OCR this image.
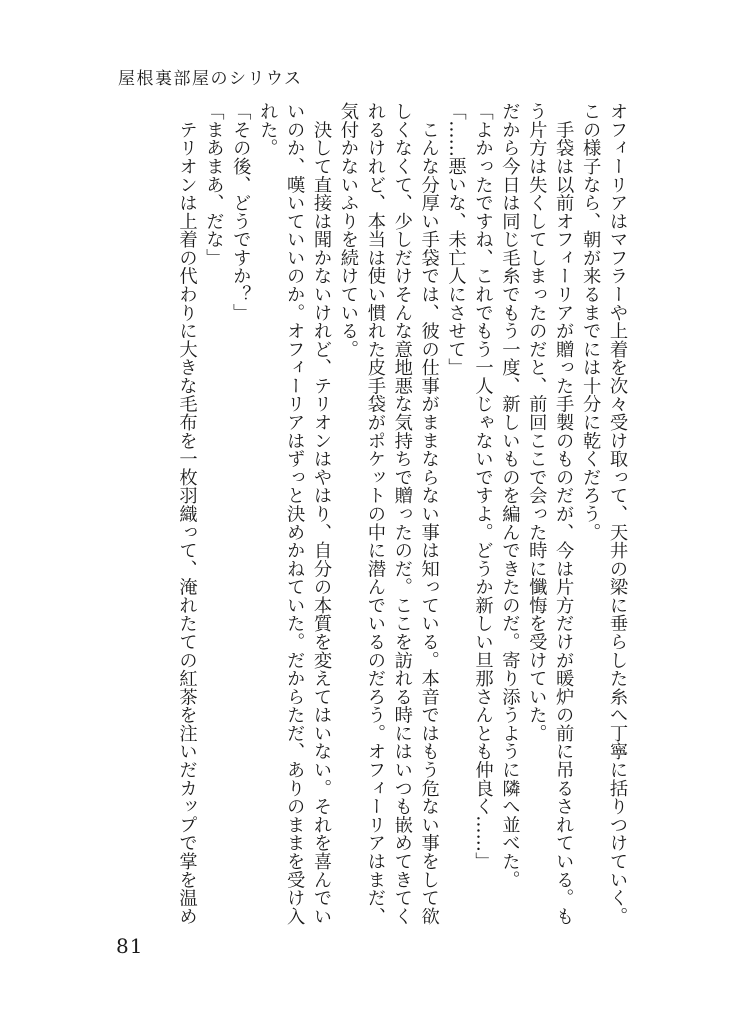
屋根裏部屋のシリウス

オフィーリアはマフラーや上着を次々受け取って、天井の梁に垂らした糸へ丁寧に括りつけていく。

この様子なら、朝が来るまでには十分に乾くだろう。

　手袋は以前オフィーリアが贈った手製のものだが、今は片方だけが暖炉の前に吊るされている。も

う片方は失くしてしまったのだと、前回ここで会った時に懺悔を受けていた。

だから今日は同じ毛糸でもう一度、新しいものを編んできたのだ。寄り添うように隣へ並べた。

「よかったですね、これでもう一人じゃないですよ。どうか新しい旦那さんとも仲良く……」

「……悪いな、未亡人にさせて」

　こんな分厚い手袋では、彼の仕事がままならない事は知っている。本音ではもう危ない事をして欲

しくなくて、少しだけそんな意地悪な気持ちで贈ったのだ。ここを訪れる時にはいつも嵌めてきてく

れるけれど、本当は使い慣れた皮手袋がポケットの中に潜んでいるのだろう。オフィーリアはまだ、

気付かないふりを続けている。

　決して直接は聞かないけれど、テリオンはやはり、自分の本質を変えてはいない。それを喜んでい

いのか、嘆いていいのか。オフィーリアはずっと決めかねていた。だからただ、ありのままを受け入

れた。

「その後、どうですか？」

「まあまあ、だな」

　テリオンは上着の代わりに大きな毛布を一枚羽織って、淹れたての紅茶を注いだカップで掌を温め

81
